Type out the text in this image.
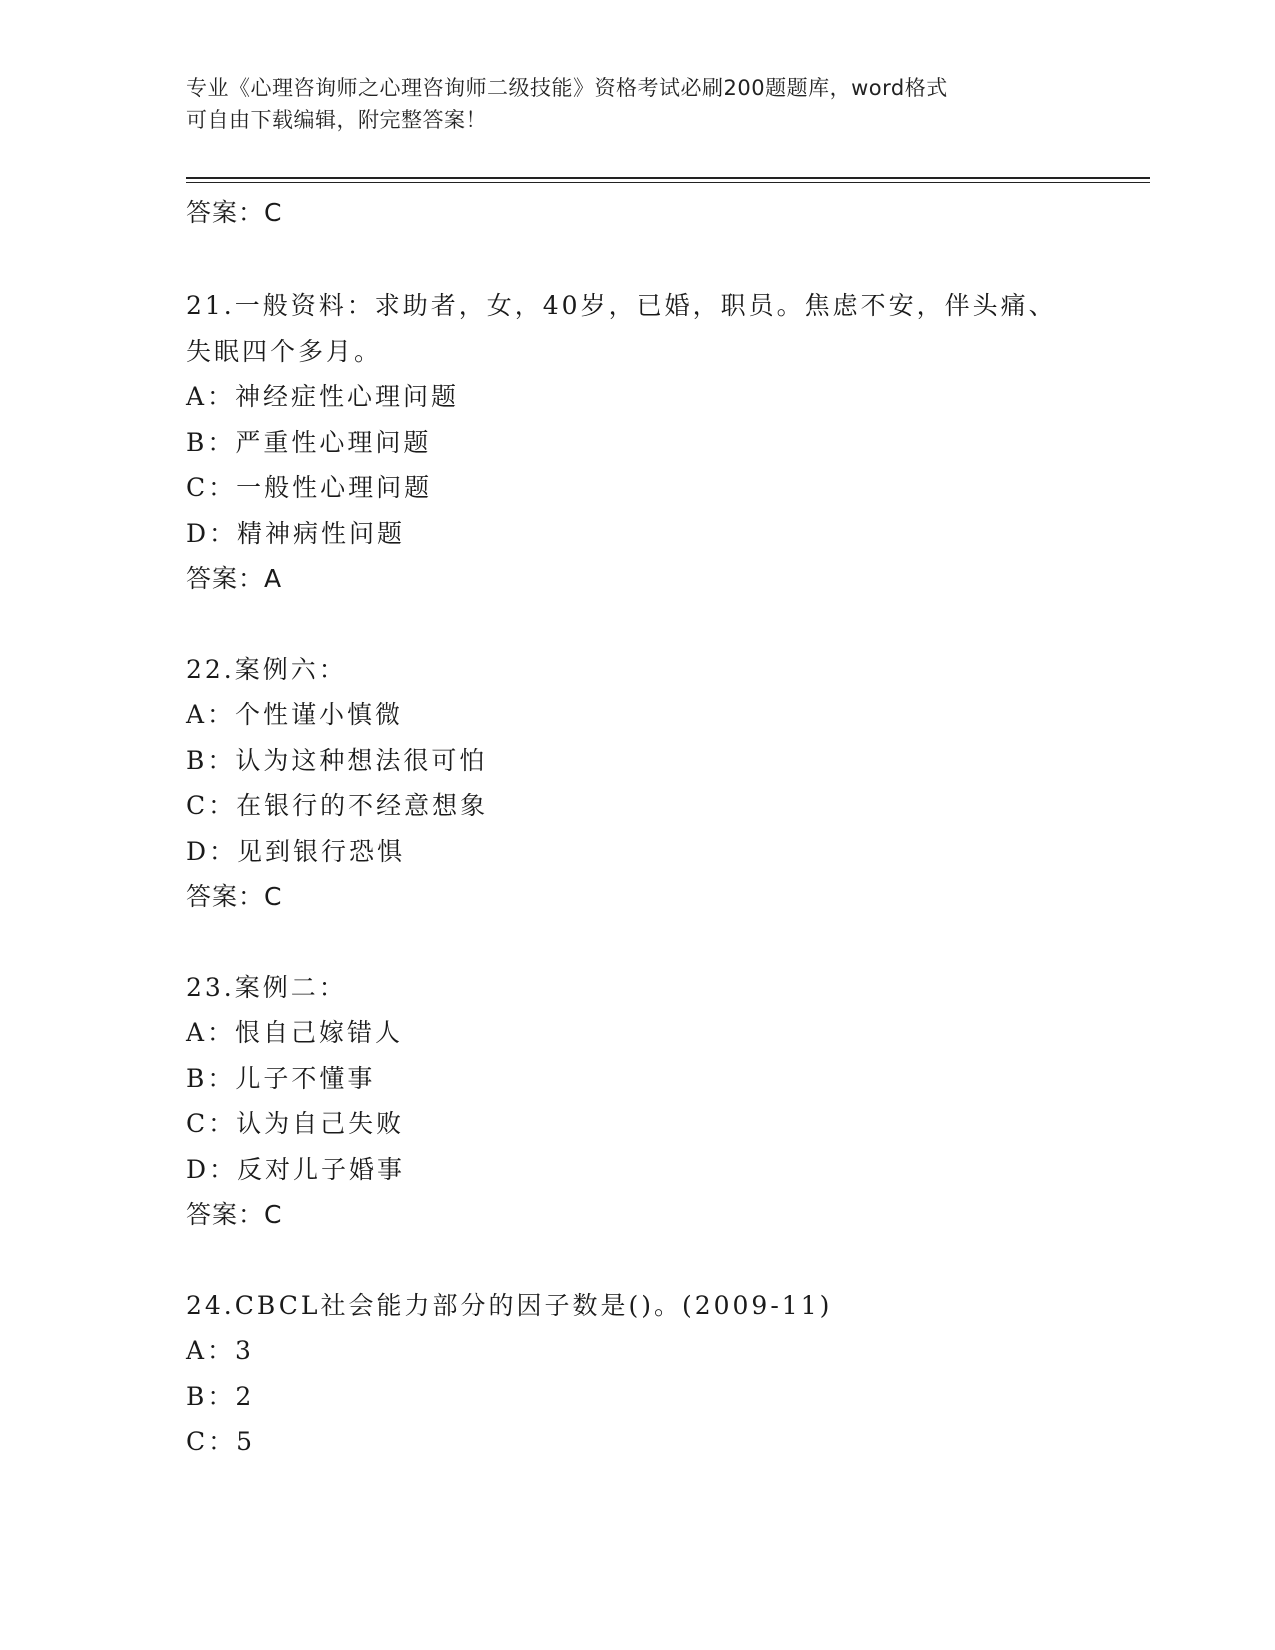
专业《心理咨询师之心理咨询师二级技能》资格考试必刷200题题库，word格式
可自由下载编辑，附完整答案！
答案：C
21.一般资料：求助者，女，40岁，已婚，职员。焦虑不安，伴头痛、
失眠四个多月。
A：神经症性心理问题
B：严重性心理问题
C：一般性心理问题
D：精神病性问题
答案：A
22.案例六：
A：个性谨小慎微
B：认为这种想法很可怕
C：在银行的不经意想象
D：见到银行恐惧
答案：C
23.案例二：
A：恨自己嫁错人
B：儿子不懂事
C：认为自己失败
D：反对儿子婚事
答案：C
24.CBCL社会能力部分的因子数是()。(2009-11)
A：3
B：2
C：5
